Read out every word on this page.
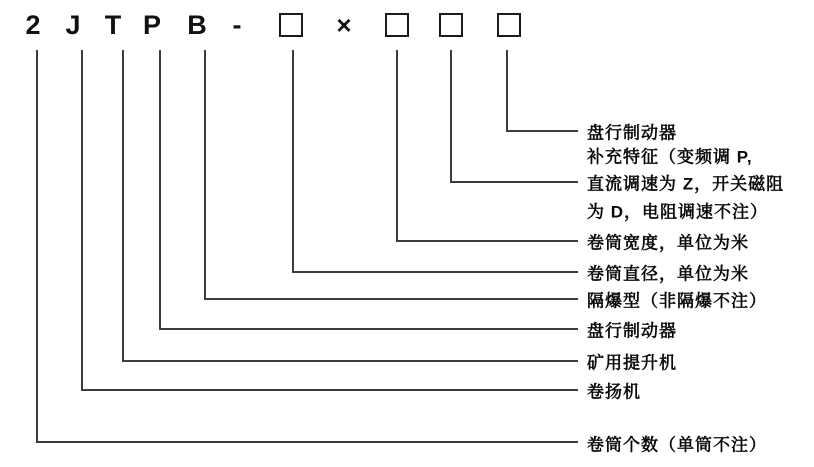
2 J T P B -	×
盘行制动器
补充特征（变频调 P,
直流调速为 Z，开关磁阻
为 D，电阻调速不注）
卷筒宽度，单位为米
卷筒直径，单位为米
隔爆型（非隔爆不注）
盘行制动器
矿用提升机
卷扬机
卷筒个数（单筒不注）
